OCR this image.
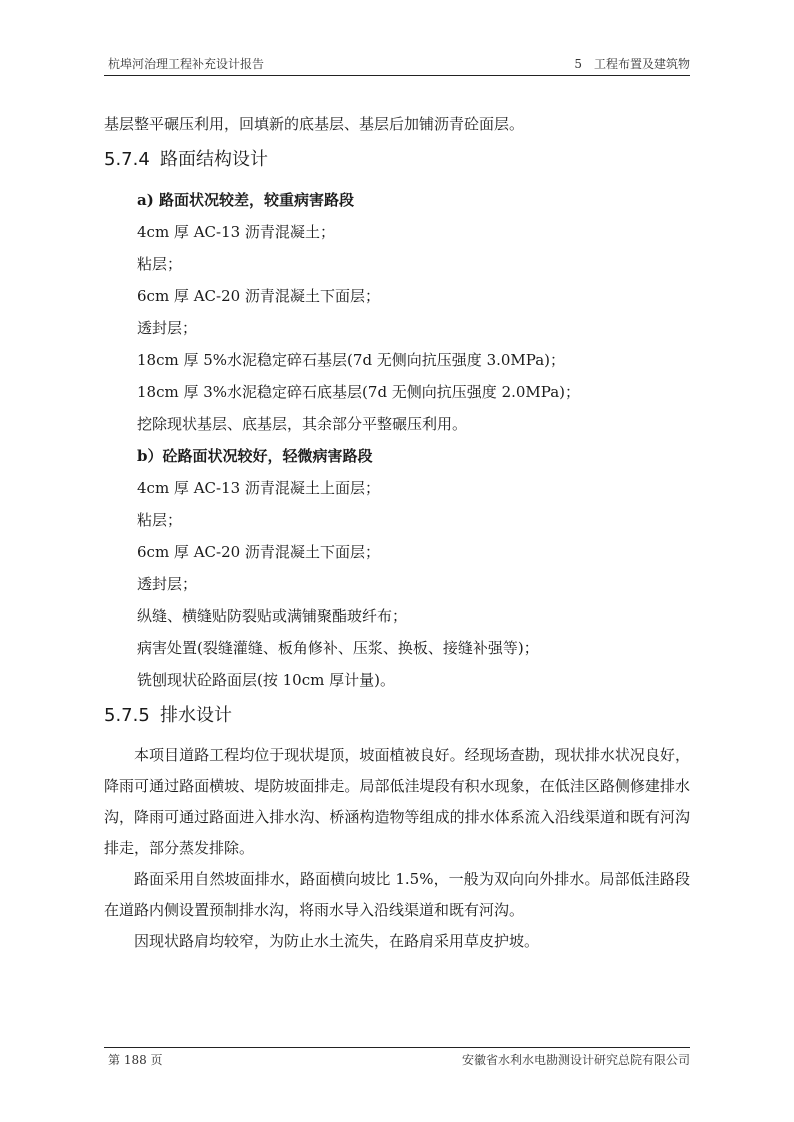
杭埠河治理工程补充设计报告	5 工程布置及建筑物
基层整平碾压利用，回填新的底基层、基层后加铺沥青砼面层。
5.7.4 路面结构设计
a) 路面状况较差，较重病害路段
4cm 厚 AC-13 沥青混凝土；
粘层；
6cm 厚 AC-20 沥青混凝土下面层；
透封层；
18cm 厚 5%水泥稳定碎石基层(7d 无侧向抗压强度 3.0MPa)；
18cm 厚 3%水泥稳定碎石底基层(7d 无侧向抗压强度 2.0MPa)；
挖除现状基层、底基层，其余部分平整碾压利用。
b）砼路面状况较好，轻微病害路段
4cm 厚 AC-13 沥青混凝土上面层；
粘层；
6cm 厚 AC-20 沥青混凝土下面层；
透封层；
纵缝、横缝贴防裂贴或满铺聚酯玻纤布；
病害处置(裂缝灌缝、板角修补、压浆、换板、接缝补强等)；
铣刨现状砼路面层(按 10cm 厚计量)。
5.7.5 排水设计

本项目道路工程均位于现状堤顶，坡面植被良好。经现场查勘，现状排水状况良好，降雨可通过路面横坡、堤防坡面排走。局部低洼堤段有积水现象，在低洼区路侧修建排水沟，降雨可通过路面进入排水沟、桥涵构造物等组成的排水体系流入沿线渠道和既有河沟排走，部分蒸发排除。

路面采用自然坡面排水，路面横向坡比 1.5%，一般为双向向外排水。局部低洼路段在道路内侧设置预制排水沟，将雨水导入沿线渠道和既有河沟。

因现状路肩均较窄，为防止水土流失，在路肩采用草皮护坡。

第 188 页	安徽省水利水电勘测设计研究总院有限公司
